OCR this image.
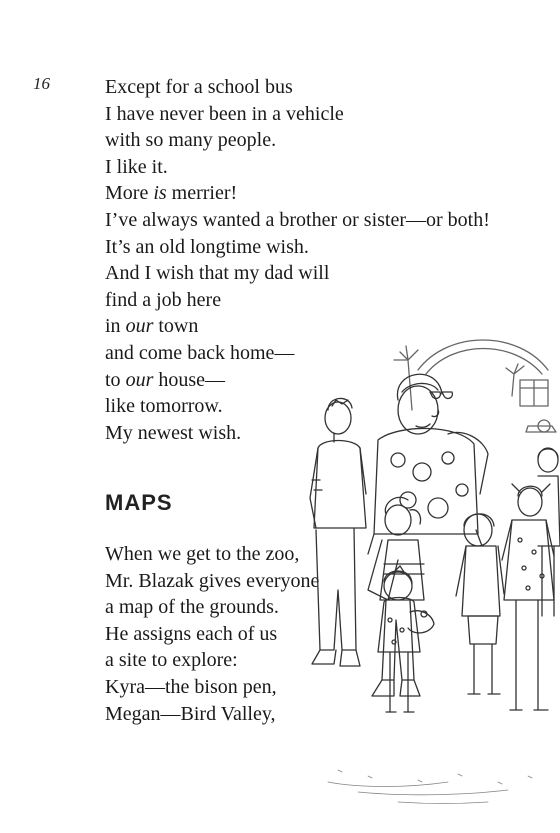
16	Except for a school bus

I have never been in a vehicle

with so many people.

I like it.

More is merrier!

I’ve always wanted a brother or sister—or both!

It’s an old longtime wish.

And I wish that my dad will

find a job here

in our town

and come back home—

to our house—

like tomorrow.

My newest wish.

MAPS

When we get to the zoo,

Mr. Blazak gives everyone

a map of the grounds.

He assigns each of us

a site to explore:

Kyra—the bison pen,

Megan—Bird Valley,
